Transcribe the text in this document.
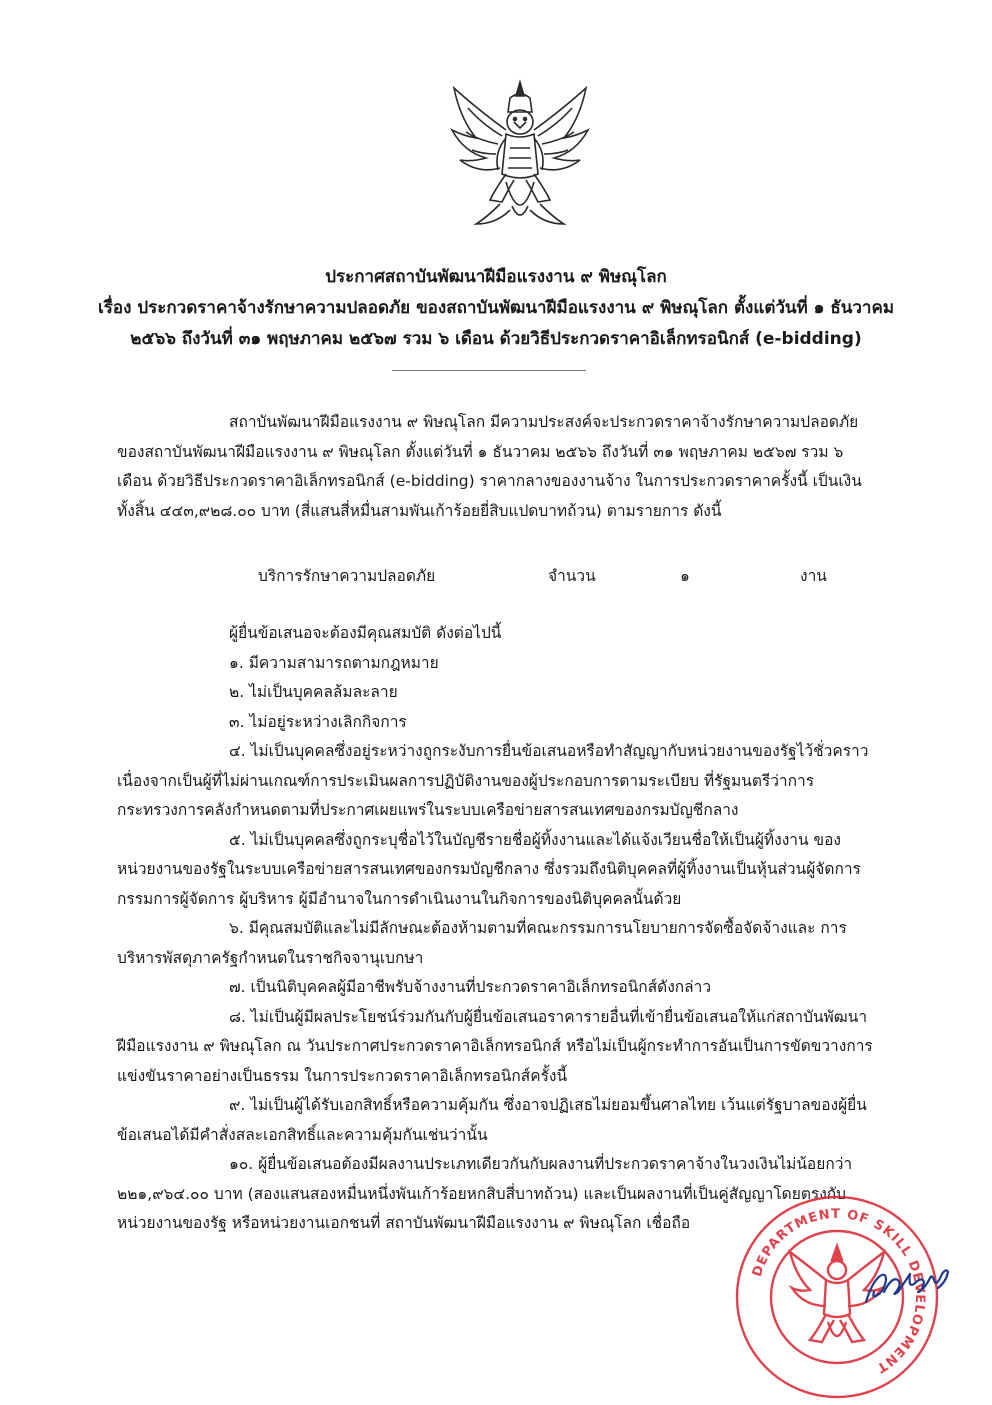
ประกาศสถาบันพัฒนาฝีมือแรงงาน ๙ พิษณุโลก
เรื่อง ประกวดราคาจ้างรักษาความปลอดภัย ของสถาบันพัฒนาฝีมือแรงงาน ๙ พิษณุโลก ตั้งแต่วันที่ ๑ ธันวาคม
๒๕๖๖ ถึงวันที่ ๓๑ พฤษภาคม ๒๕๖๗ รวม ๖ เดือน ด้วยวิธีประกวดราคาอิเล็กทรอนิกส์ (e-bidding)
สถาบันพัฒนาฝีมือแรงงาน ๙ พิษณุโลก มีความประสงค์จะประกวดราคาจ้างรักษาความปลอดภัย
ของสถาบันพัฒนาฝีมือแรงงาน ๙ พิษณุโลก ตั้งแต่วันที่ ๑ ธันวาคม ๒๕๖๖ ถึงวันที่ ๓๑ พฤษภาคม ๒๕๖๗ รวม ๖
เดือน ด้วยวิธีประกวดราคาอิเล็กทรอนิกส์ (e-bidding) ราคากลางของงานจ้าง ในการประกวดราคาครั้งนี้ เป็นเงิน
ทั้งสิ้น ๔๔๓,๙๒๘.๐๐ บาท (สี่แสนสี่หมื่นสามพันเก้าร้อยยี่สิบแปดบาทถ้วน) ตามรายการ ดังนี้
บริการรักษาความปลอดภัย	จำนวน	๑	งาน
ผู้ยื่นข้อเสนอจะต้องมีคุณสมบัติ ดังต่อไปนี้
๑. มีความสามารถตามกฎหมาย
๒. ไม่เป็นบุคคลล้มละลาย
๓. ไม่อยู่ระหว่างเลิกกิจการ
๔. ไม่เป็นบุคคลซึ่งอยู่ระหว่างถูกระงับการยื่นข้อเสนอหรือทำสัญญากับหน่วยงานของรัฐไว้ชั่วคราว
เนื่องจากเป็นผู้ที่ไม่ผ่านเกณฑ์การประเมินผลการปฏิบัติงานของผู้ประกอบการตามระเบียบ ที่รัฐมนตรีว่าการ
กระทรวงการคลังกำหนดตามที่ประกาศเผยแพร่ในระบบเครือข่ายสารสนเทศของกรมบัญชีกลาง
๕. ไม่เป็นบุคคลซึ่งถูกระบุชื่อไว้ในบัญชีรายชื่อผู้ทิ้งงานและได้แจ้งเวียนชื่อให้เป็นผู้ทิ้งงาน ของ
หน่วยงานของรัฐในระบบเครือข่ายสารสนเทศของกรมบัญชีกลาง ซึ่งรวมถึงนิติบุคคลที่ผู้ทิ้งงานเป็นหุ้นส่วนผู้จัดการ
กรรมการผู้จัดการ ผู้บริหาร ผู้มีอำนาจในการดำเนินงานในกิจการของนิติบุคคลนั้นด้วย
๖. มีคุณสมบัติและไม่มีลักษณะต้องห้ามตามที่คณะกรรมการนโยบายการจัดซื้อจัดจ้างและ การ
บริหารพัสดุภาครัฐกำหนดในราชกิจจานุเบกษา
๗. เป็นนิติบุคคลผู้มีอาชีพรับจ้างงานที่ประกวดราคาอิเล็กทรอนิกส์ดังกล่าว
๘. ไม่เป็นผู้มีผลประโยชน์ร่วมกันกับผู้ยื่นข้อเสนอราคารายอื่นที่เข้ายื่นข้อเสนอให้แก่สถาบันพัฒนา
ฝีมือแรงงาน ๙ พิษณุโลก ณ วันประกาศประกวดราคาอิเล็กทรอนิกส์ หรือไม่เป็นผู้กระทำการอันเป็นการขัดขวางการ
แข่งขันราคาอย่างเป็นธรรม ในการประกวดราคาอิเล็กทรอนิกส์ครั้งนี้
๙. ไม่เป็นผู้ได้รับเอกสิทธิ์หรือความคุ้มกัน ซึ่งอาจปฏิเสธไม่ยอมขึ้นศาลไทย เว้นแต่รัฐบาลของผู้ยื่น
ข้อเสนอได้มีคำสั่งสละเอกสิทธิ์และความคุ้มกันเช่นว่านั้น
๑๐. ผู้ยื่นข้อเสนอต้องมีผลงานประเภทเดียวกันกับผลงานที่ประกวดราคาจ้างในวงเงินไม่น้อยกว่า
๒๒๑,๙๖๔.๐๐ บาท (สองแสนสองหมื่นหนึ่งพันเก้าร้อยหกสิบสี่บาทถ้วน) และเป็นผลงานที่เป็นคู่สัญญาโดยตรงกับ
หน่วยงานของรัฐ หรือหน่วยงานเอกชนที่ สถาบันพัฒนาฝีมือแรงงาน ๙ พิษณุโลก เชื่อถือ
DEPARTMENT OF SKILL DEVELOPMENT
